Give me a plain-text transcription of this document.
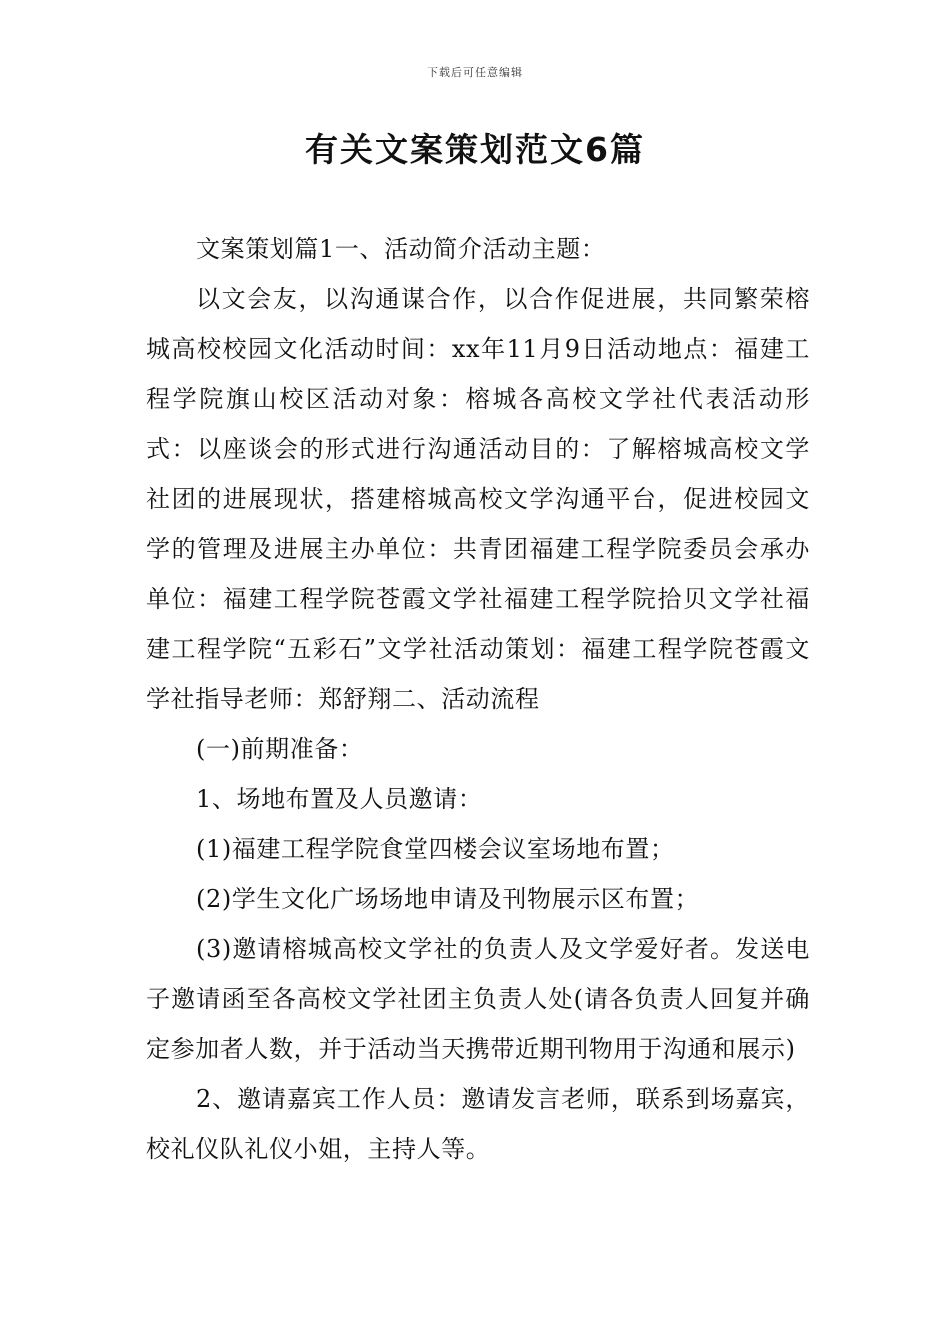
下载后可任意编辑
有关文案策划范文6篇

文案策划篇1一、活动简介活动主题：

以文会友，以沟通谋合作，以合作促进展，共同繁荣榕城高校校园文化活动时间：xx年11月9日活动地点：福建工程学院旗山校区活动对象：榕城各高校文学社代表活动形式：以座谈会的形式进行沟通活动目的：了解榕城高校文学社团的进展现状，搭建榕城高校文学沟通平台，促进校园文学的管理及进展主办单位：共青团福建工程学院委员会承办单位：福建工程学院苍霞文学社福建工程学院拾贝文学社福建工程学院“五彩石”文学社活动策划：福建工程学院苍霞文学社指导老师：郑舒翔二、活动流程

(一)前期准备：

1、场地布置及人员邀请：

(1)福建工程学院食堂四楼会议室场地布置；

(2)学生文化广场场地申请及刊物展示区布置；

(3)邀请榕城高校文学社的负责人及文学爱好者。发送电子邀请函至各高校文学社团主负责人处(请各负责人回复并确定参加者人数，并于活动当天携带近期刊物用于沟通和展示)

2、邀请嘉宾工作人员：邀请发言老师，联系到场嘉宾，校礼仪队礼仪小姐，主持人等。
